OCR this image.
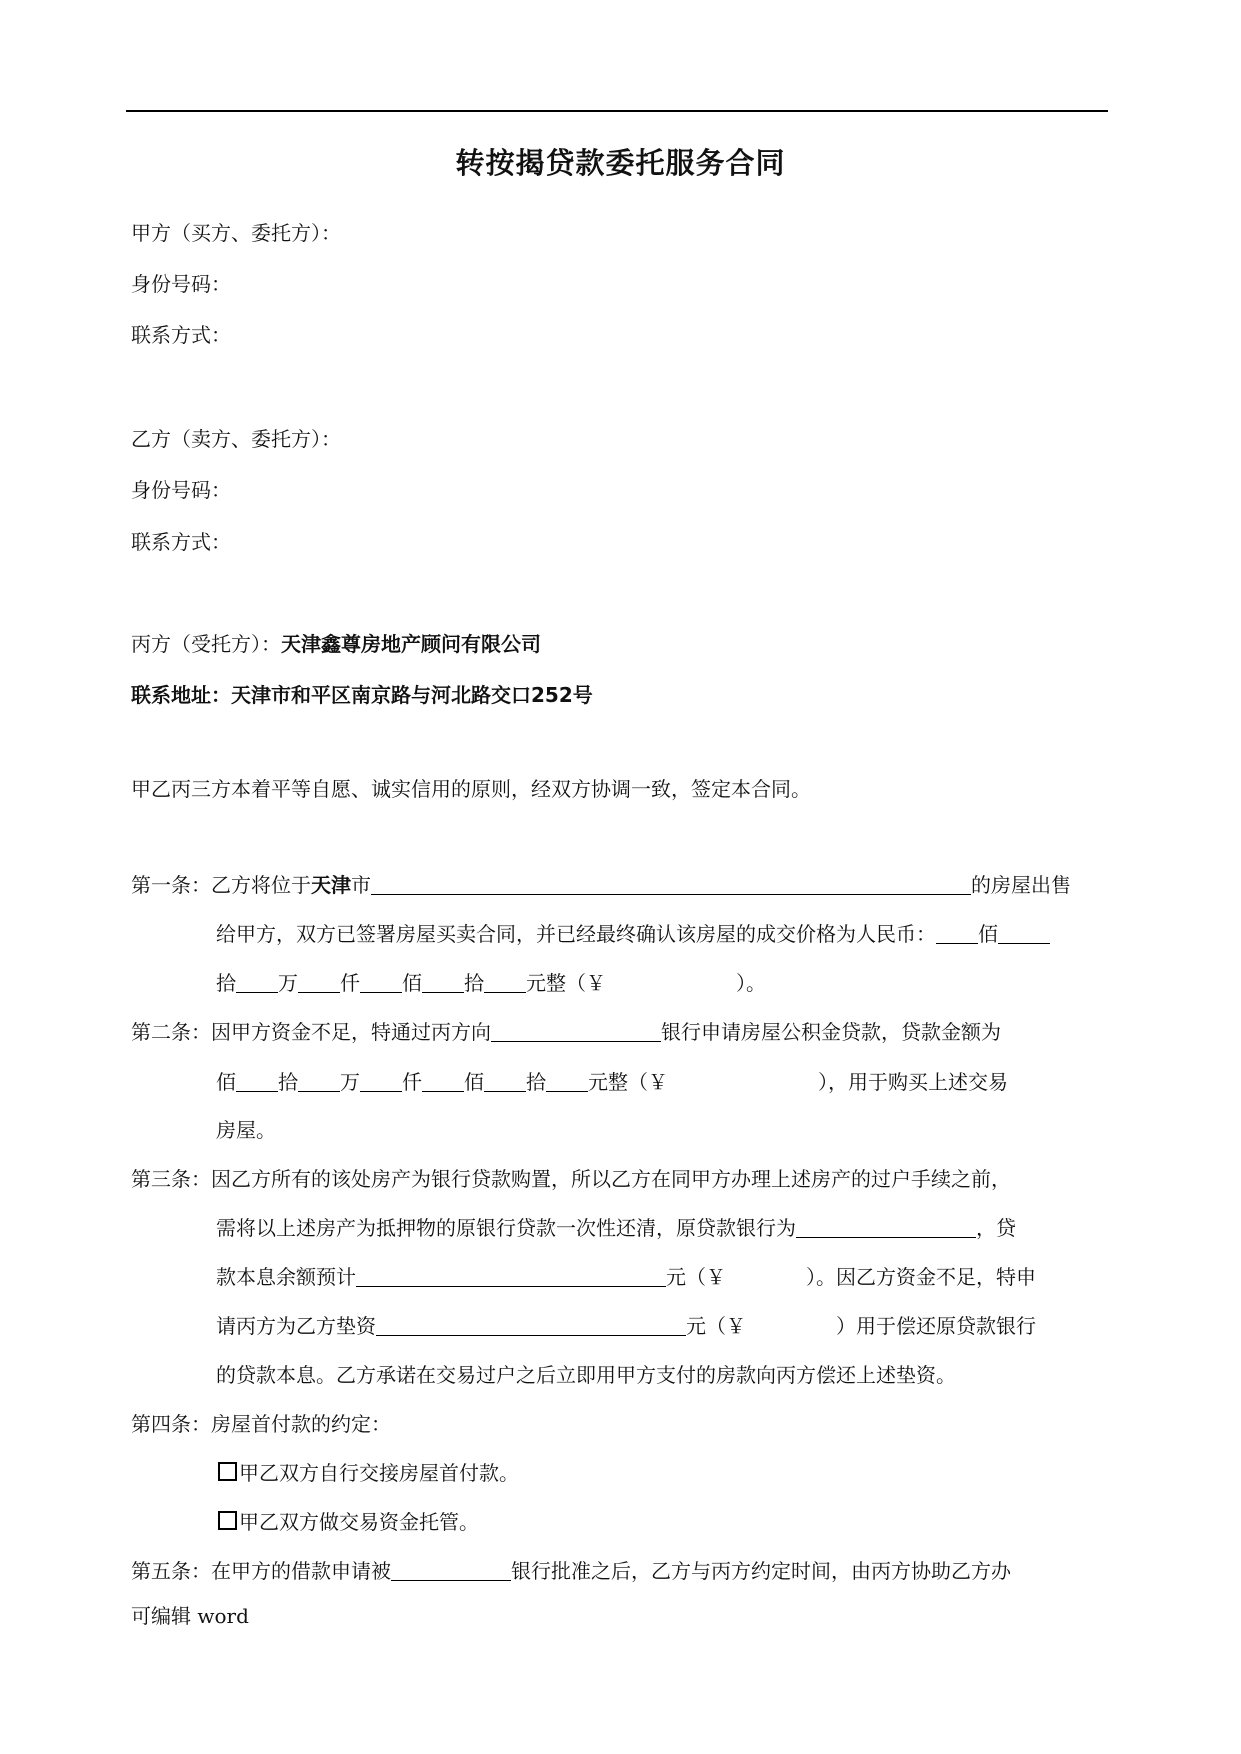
转按揭贷款委托服务合同
甲方（买方、委托方）：
身份号码：
联系方式：
乙方（卖方、委托方）：
身份号码：
联系方式：
丙方（受托方）：天津鑫尊房地产顾问有限公司
联系地址：天津市和平区南京路与河北路交口252号
甲乙丙三方本着平等自愿、诚实信用的原则，经双方协调一致，签定本合同。
第一条：乙方将位于天津市	的房屋出售
给甲方，双方已签署房屋买卖合同，并已经最终确认该房屋的成交价格为人民币： 佰
拾 万 仟 佰 拾 元整（￥	）。
第二条：因甲方资金不足，特通过丙方向	银行申请房屋公积金贷款，贷款金额为
佰 拾 万 仟 佰 拾 元整（￥	），用于购买上述交易
房屋。
第三条：因乙方所有的该处房产为银行贷款购置，所以乙方在同甲方办理上述房产的过户手续之前，
需将以上述房产为抵押物的原银行贷款一次性还清，原贷款银行为	，贷
款本息余额预计	元（￥	）。因乙方资金不足，特申
请丙方为乙方垫资	元（￥	）用于偿还原贷款银行
的贷款本息。乙方承诺在交易过户之后立即用甲方支付的房款向丙方偿还上述垫资。
第四条：房屋首付款的约定：
甲乙双方自行交接房屋首付款。
甲乙双方做交易资金托管。
第五条：在甲方的借款申请被	银行批准之后，乙方与丙方约定时间，由丙方协助乙方办
可编辑 word
